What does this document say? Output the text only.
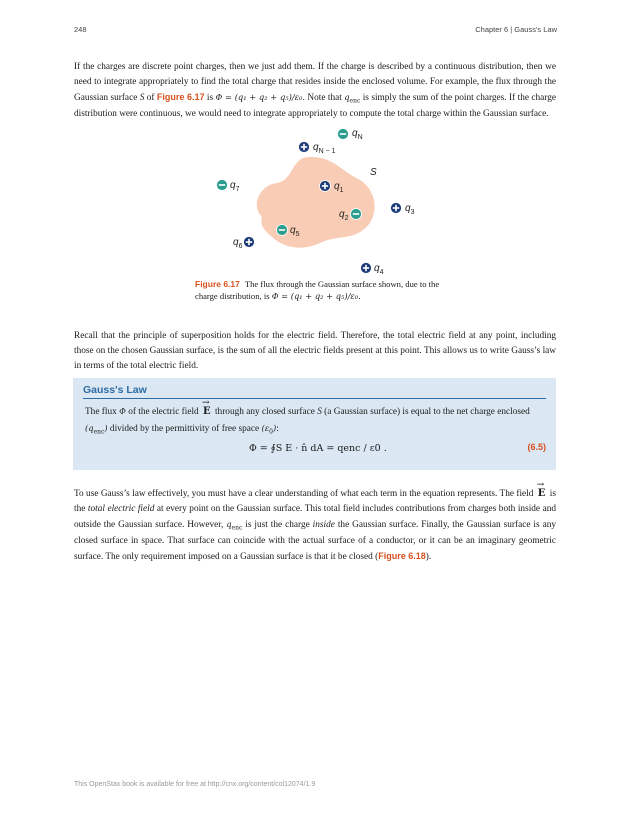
248	Chapter 6 | Gauss's Law

If the charges are discrete point charges, then we just add them. If the charge is described by a continuous distribution, then we need to integrate appropriately to find the total charge that resides inside the enclosed volume. For example, the flux through the Gaussian surface S of Figure 6.17 is Φ = (q₁ + q₂ + q₅)/ε₀. Note that $q_{enc}$ is simply the sum of the point charges. If the charge distribution were continuous, we would need to integrate appropriately to compute the total charge within the Gaussian surface.

S
$q_N$
$q_{N - 1}$
$q_7$	$q_1$
$q_2$
$q_3$
$q_5$
$q_6$
$q_4$

Figure 6.17 The flux through the Gaussian surface shown, due to the charge distribution, is Φ = (q₁ + q₂ + q₅)/ε₀.

Recall that the principle of superposition holds for the electric field. Therefore, the total electric field at any point, including those on the chosen Gaussian surface, is the sum of all the electric fields present at this point. This allows us to write Gauss’s law in terms of the total electric field.

Gauss's Law

The flux Φ of the electric field → E through any closed surface S (a Gaussian surface) is equal to the net charge enclosed $(q_{enc})$ divided by the permittivity of free space $(\varepsilon_0)$:

Φ = ∮S E · n̂ dA = qenc / ε0 .	(6.5)

To use Gauss’s law effectively, you must have a clear understanding of what each term in the equation represents. The field → E is the total electric field at every point on the Gaussian surface. This total field includes contributions from charges both inside and outside the Gaussian surface. However, $q_{enc}$ is just the charge inside the Gaussian surface. Finally, the Gaussian surface is any closed surface in space. That surface can coincide with the actual surface of a conductor, or it can be an imaginary geometric surface. The only requirement imposed on a Gaussian surface is that it be closed (Figure 6.18).

This OpenStax book is available for free at http://cnx.org/content/col12074/1.9
